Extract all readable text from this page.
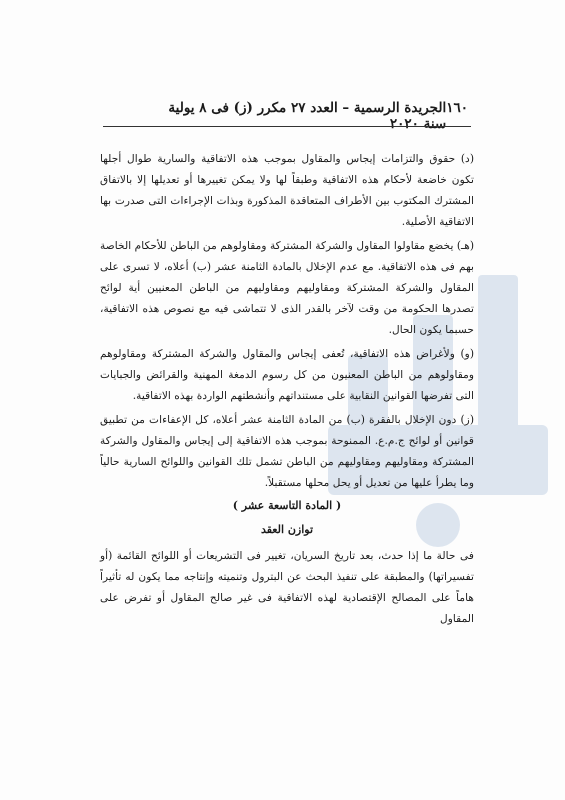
١٦٠
الجريدة الرسمية – العدد ٢٧ مكرر (ز) فى ٨ يولية سنة ٢٠٢٠

(د) حقوق والتزامات إيجاس والمقاول بموجب هذه الاتفاقية والسارية طوال أجلها تكون خاضعة لأحكام هذه الاتفاقية وطبقاً لها ولا يمكن تغييرها أو تعديلها إلا بالاتفاق المشترك المكتوب بين الأطراف المتعاقدة المذكورة وبذات الإجراءات التى صدرت بها الاتفاقية الأصلية.

(هـ) يخضع مقاولوا المقاول والشركة المشتركة ومقاولوهم من الباطن للأحكام الخاصة بهم فى هذه الاتفاقية. مع عدم الإخلال بالمادة الثامنة عشر (ب) أعلاه، لا تسرى على المقاول والشركة المشتركة ومقاوليهم ومقاوليهم من الباطن المعنيين أية لوائح تصدرها الحكومة من وقت لآخر بالقدر الذى لا تتماشى فيه مع نصوص هذه الاتفاقية، حسبما يكون الحال.

(و) ولأغراض هذه الاتفاقية، تُعفى إيجاس والمقاول والشركة المشتركة ومقاولوهم ومقاولوهم من الباطن المعنيون من كل رسوم الدمغة المهنية والقرائض والجبايات التى تفرضها القوانين النقابية على مستنداتهم وأنشطتهم الواردة بهذه الاتفاقية.

(ز) دون الإخلال بالفقرة (ب) من المادة الثامنة عشر أعلاه، كل الإعفاءات من تطبيق قوانين أو لوائح ج.م.ع. الممنوحة بموجب هذه الاتفاقية إلى إيجاس والمقاول والشركة المشتركة ومقاوليهم ومقاوليهم من الباطن تشمل تلك القوانين واللوائح السارية حالياً وما يطرأ عليها من تعديل أو يحل محلها مستقبلاً.

( المادة التاسعة عشر )

توازن العقد

فى حالة ما إذا حدث، بعد تاريخ السريان، تغيير فى التشريعات أو اللوائح القائمة (أو تفسيراتها) والمطبقة على تنفيذ البحث عن البترول وتنميته وإنتاجه مما يكون له تأثيراً هاماً على المصالح الإقتصادية لهذه الاتفاقية فى غير صالح المقاول أو تفرض على المقاول
